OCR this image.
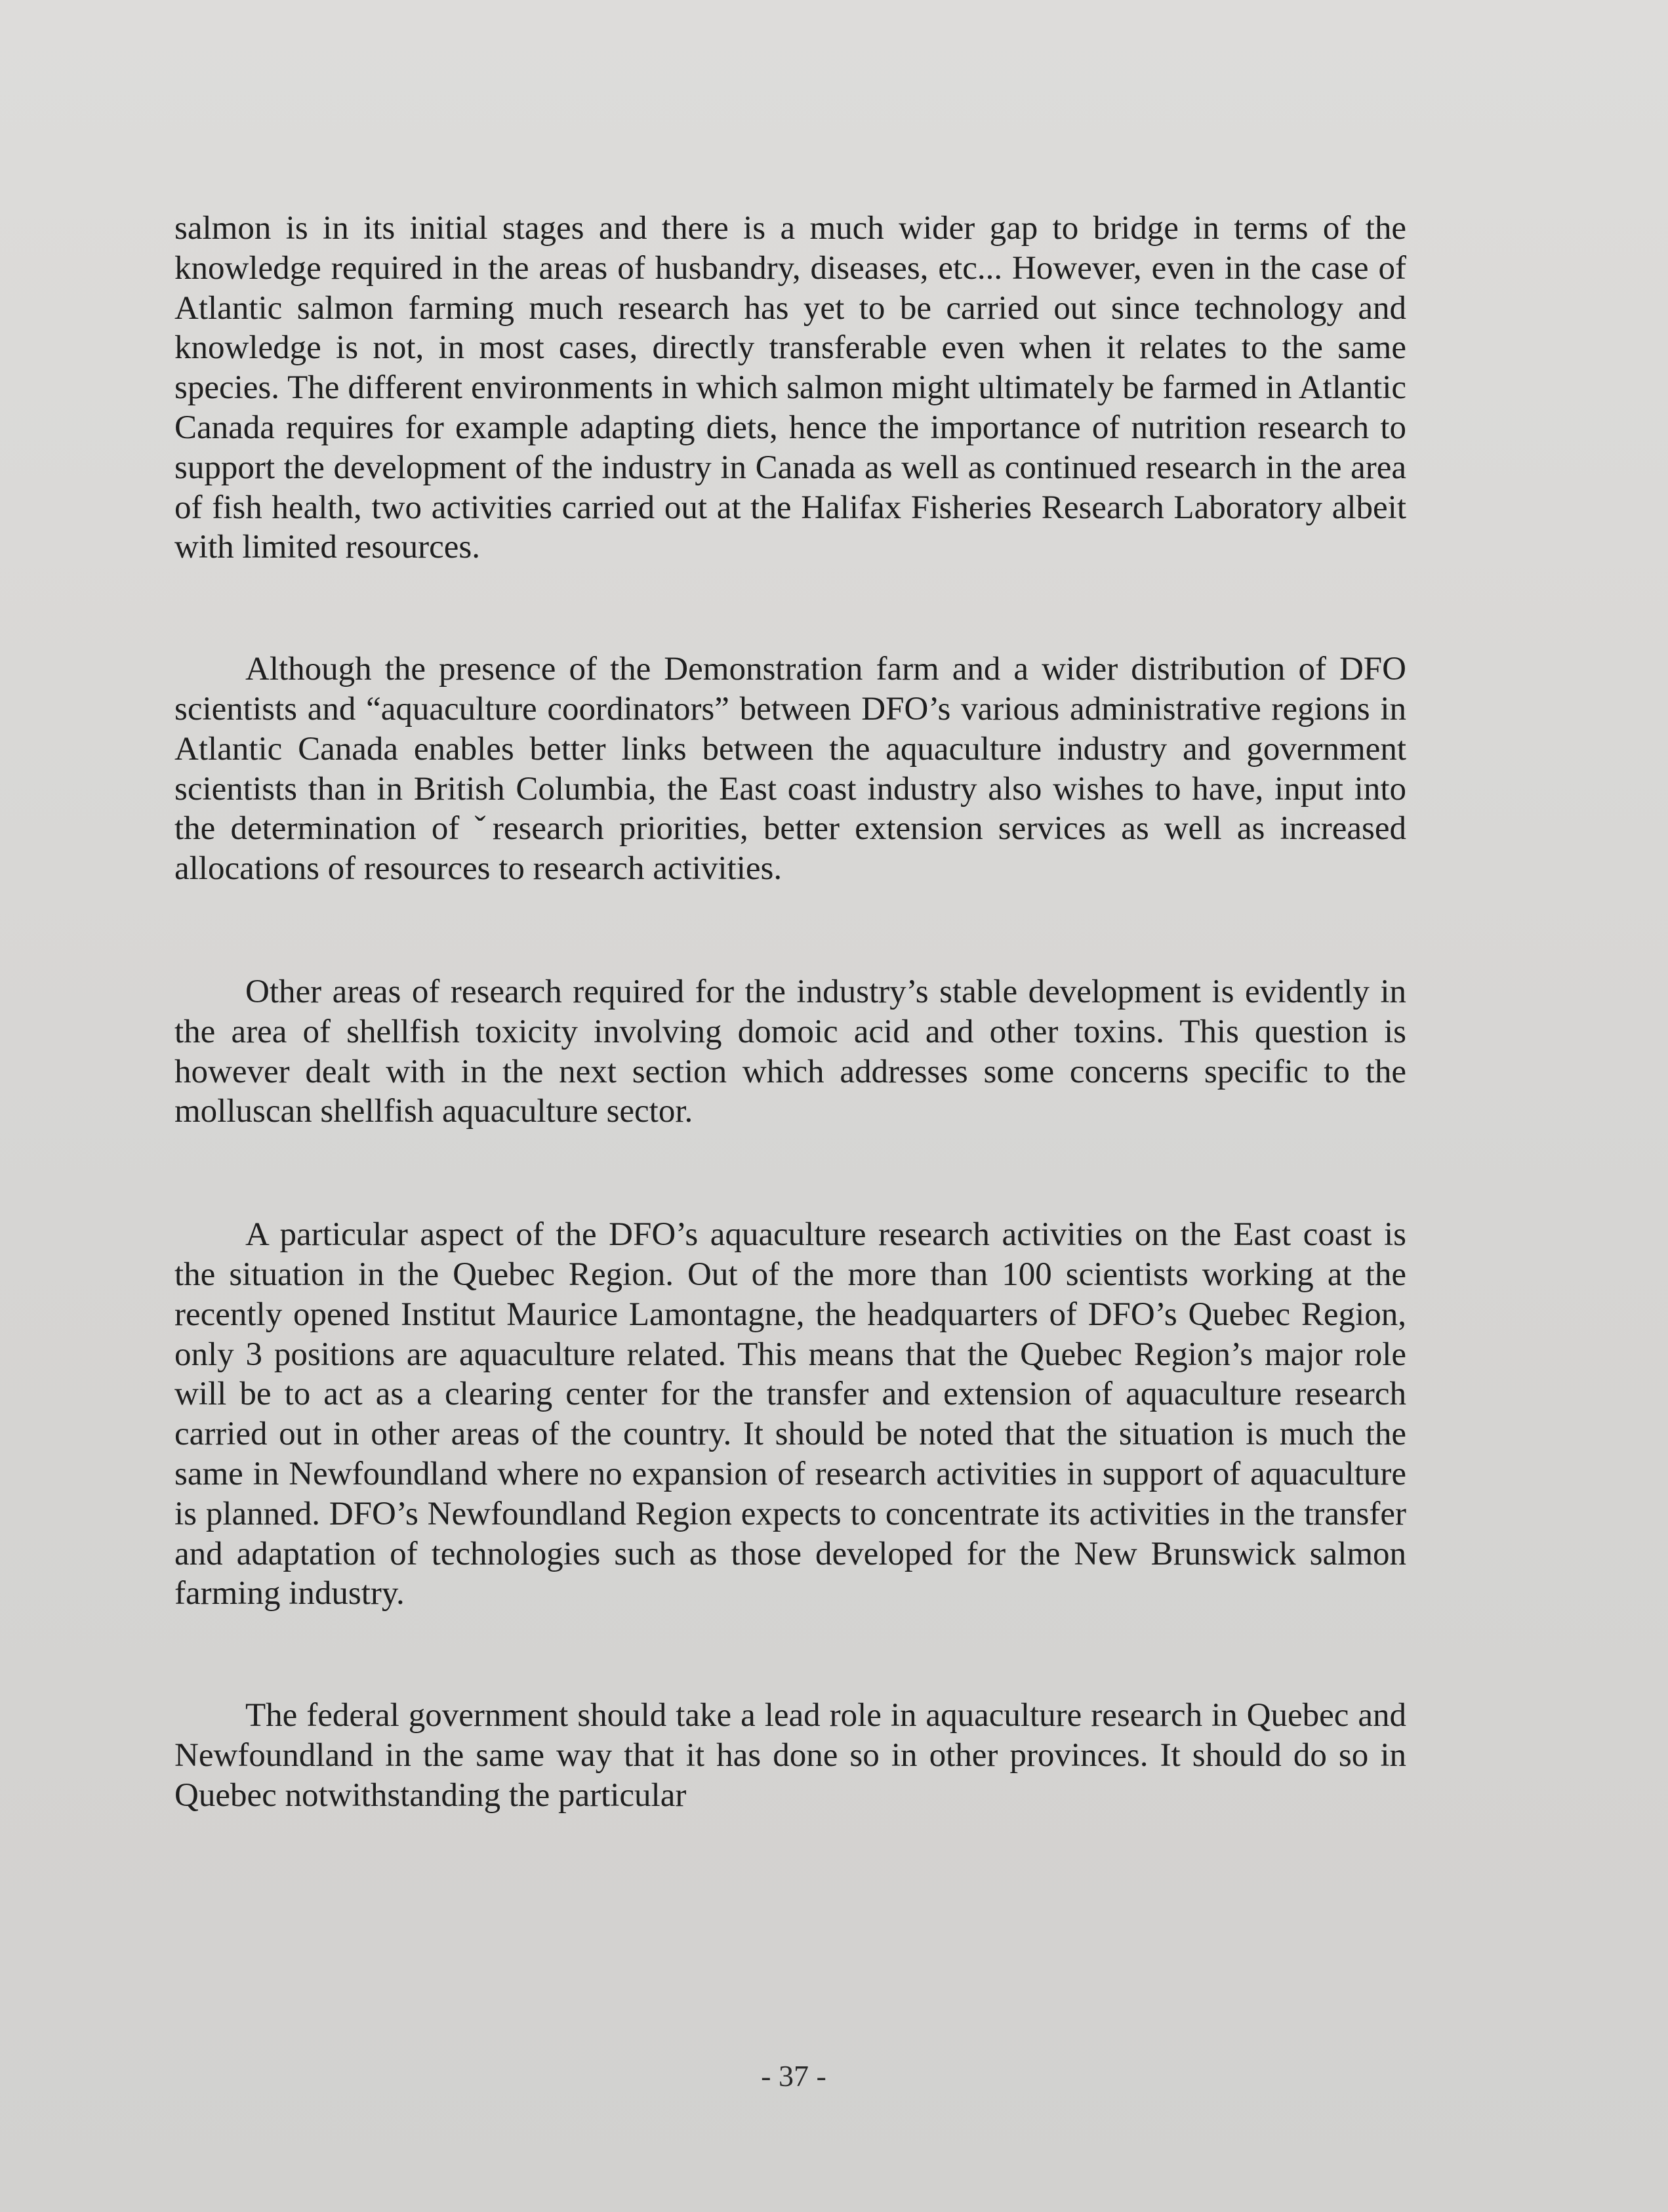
salmon is in its initial stages and there is a much wider gap to bridge in terms of the knowledge required in the areas of husbandry, diseases, etc... However, even in the case of Atlantic salmon farming much research has yet to be carried out since technology and knowledge is not, in most cases, directly transferable even when it relates to the same species. The different environments in which salmon might ultimately be farmed in Atlantic Canada requires for example adapting diets, hence the importance of nutrition research to support the development of the industry in Canada as well as continued research in the area of fish health, two activities carried out at the Halifax Fisheries Research Laboratory albeit with limited resources.

Although the presence of the Demonstration farm and a wider distribution of DFO scientists and “aquaculture coordinators” between DFO’s various administrative regions in Atlantic Canada enables better links between the aquaculture industry and government scientists than in British Columbia, the East coast industry also wishes to have, input into the determination of ˇresearch priorities, better extension services as well as increased allocations of resources to research activities.

Other areas of research required for the industry’s stable development is evidently in the area of shellfish toxicity involving domoic acid and other toxins. This question is however dealt with in the next section which addresses some concerns specific to the molluscan shellfish aquaculture sector.

A particular aspect of the DFO’s aquaculture research activities on the East coast is the situation in the Quebec Region. Out of the more than 100 scientists working at the recently opened Institut Maurice Lamontagne, the headquarters of DFO’s Quebec Region, only 3 positions are aquaculture related. This means that the Quebec Region’s major role will be to act as a clearing center for the transfer and extension of aquaculture research carried out in other areas of the country. It should be noted that the situation is much the same in Newfoundland where no expansion of research activities in support of aquaculture is planned. DFO’s Newfoundland Region expects to concentrate its activities in the transfer and adaptation of technologies such as those developed for the New Brunswick salmon farming industry.

The federal government should take a lead role in aquaculture research in Quebec and Newfoundland in the same way that it has done so in other provinces. It should do so in Quebec notwithstanding the particular

- 37 -
